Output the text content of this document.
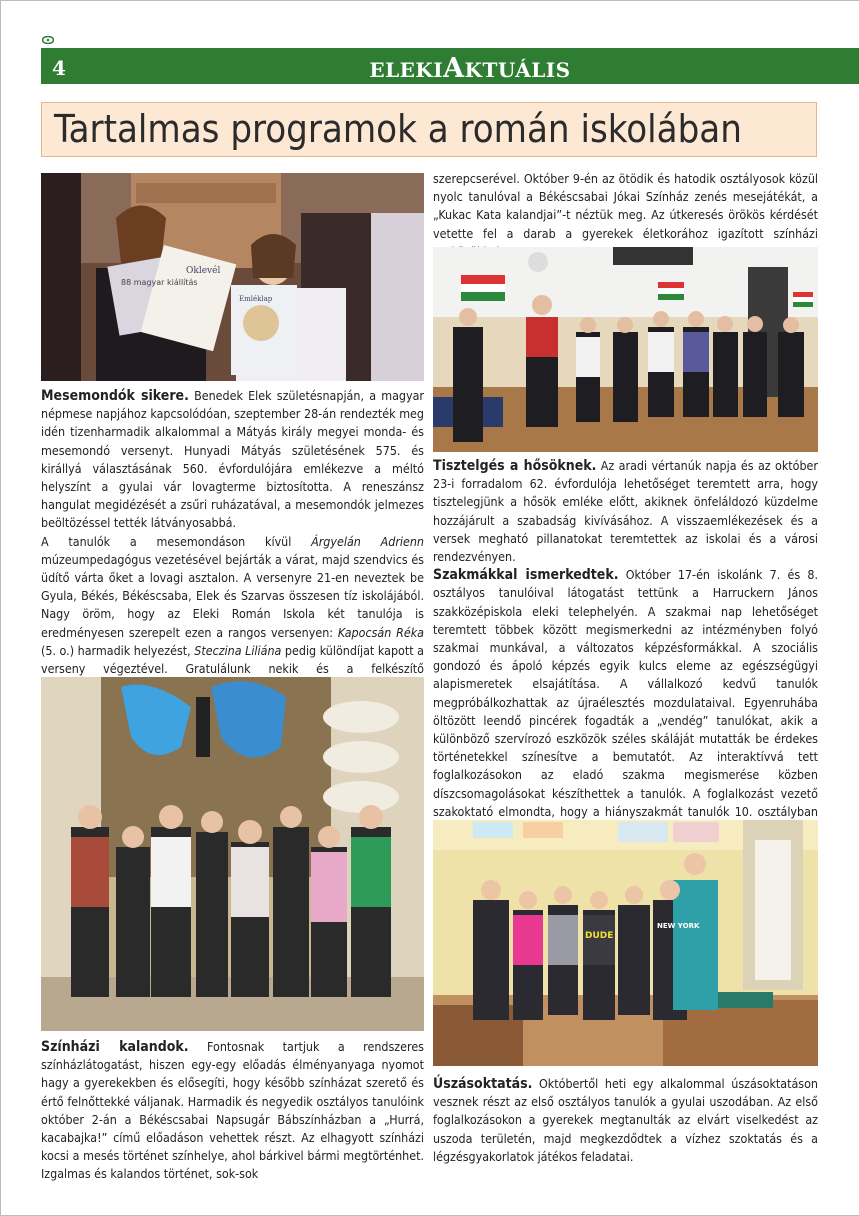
4	ELEKIAKTUÁLIS
Tartalmas programok a román iskolában
88 magyar kiállítás
Oklevél
Emléklap

Mesemondók sikere. Benedek Elek születésnapján, a magyar népmese napjához kapcsolódóan, szeptember 28-án rendezték meg idén tizenharmadik alkalommal a Mátyás király megyei monda- és mesemondó versenyt. Hunyadi Mátyás születésének 575. és királlyá választásának 560. évfordulójára emlékezve a méltó helyszínt a gyulai vár lovagterme biztosította. A reneszánsz hangulat megidézését a zsűri ruházatával, a mesemondók jelmezes beöltözéssel tették látványosabbá.

A tanulók a mesemondáson kívül Árgyelán Adrienn múzeumpedagógus vezetésével bejárták a várat, majd szendvics és üdítő várta őket a lovagi asztalon. A versenyre 21-en neveztek be Gyula, Békés, Békéscsaba, Elek és Szarvas összesen tíz iskolájából. Nagy öröm, hogy az Eleki Román Iskola két tanulója is eredményesen szerepelt ezen a rangos versenyen: Kapocsán Réka (5. o.) harmadik helyezést, Steczina Liliána pedig különdíjat kapott a verseny végeztével. Gratulálunk nekik és a felkészítő

Színházi kalandok. Fontosnak tartjuk a rendszeres színházlátogatást, hiszen egy-egy előadás élményanyaga nyomot hagy a gyerekekben és elősegíti, hogy később színházat szerető és értő felnőttekké váljanak. Harmadik és negyedik osztályos tanulóink október 2-án a Békéscsabai Napsugár Bábszínházban a „Hurrá, kacabajka!” című előadáson vehettek részt. Az elhagyott színházi kocsi a mesés történet színhelye, ahol bárkivel bármi megtörténhet. Izgalmas és kalandos történet, sok-sok

szerepcserével. Október 9-én az ötödik és hatodik osztályosok közül nyolc tanulóval a Békéscsabai Jókai Színház zenés mesejátékát, a „Kukac Kata kalandjai”-t néztük meg. Az útkeresés örökös kérdését vetette fel a darab a gyerekek életkorához igazított színházi

Tisztelgés a hősöknek. Az aradi vértanúk napja és az október 23-i forradalom 62. évfordulója lehetőséget teremtett arra, hogy tisztelegjünk a hősök emléke előtt, akiknek önfeláldozó küzdelme hozzájárult a szabadság kivívásához. A visszaemlékezések és a versek megható pillanatokat teremtettek az iskolai és a városi rendezvényen.

Szakmákkal ismerkedtek. Október 17-én iskolánk 7. és 8. osztályos tanulóival látogatást tettünk a Harruckern János szakközépiskola eleki telephelyén. A szakmai nap lehetőséget teremtett többek között megismerkedni az intézményben folyó szakmai munkával, a változatos képzésformákkal. A szociális gondozó és ápoló képzés egyik kulcs eleme az egészségügyi alapismeretek elsajátítása. A vállalkozó kedvű tanulók megpróbálkozhattak az újraélesztés mozdulataival. Egyenruhába öltözött leendő pincérek fogadták a „vendég” tanulókat, akik a különböző szervírozó eszközök széles skáláját mutatták be érdekes történetekkel színesítve a bemutatót. Az interaktívvá tett foglalkozásokon az eladó szakma megismerése közben díszcsomagolásokat készíthettek a tanulók. A foglalkozást vezető szakoktató elmondta, hogy a hiányszakmát tanulók 10. osztályban

DUDE
NEW YORK

Úszásoktatás. Októbertől heti egy alkalommal úszásoktatáson vesznek részt az első osztályos tanulók a gyulai uszodában. Az első foglalkozásokon a gyerekek megtanulták az elvárt viselkedést az uszoda területén, majd megkezdődtek a vízhez szoktatás és a légzésgyakorlatok játékos feladatai.
